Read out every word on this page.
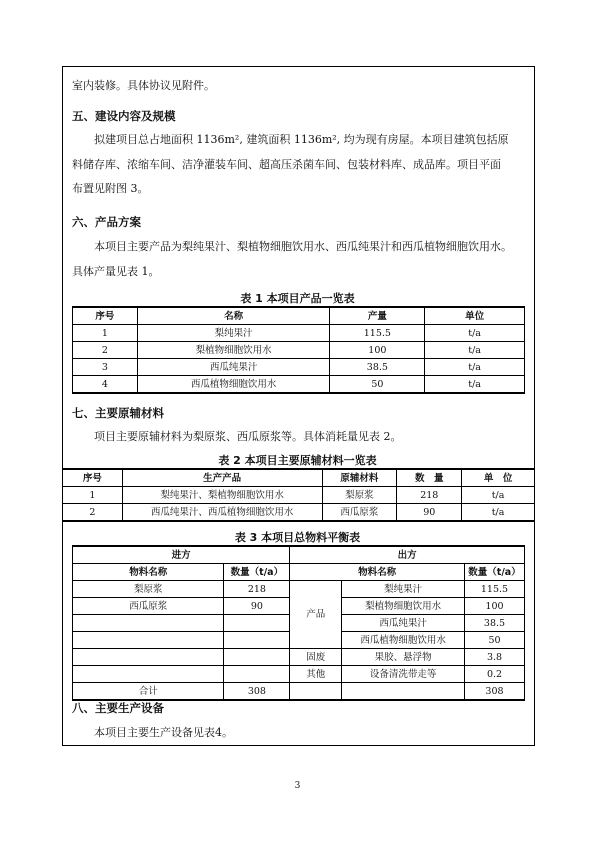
室内装修。具体协议见附件。
五、建设内容及规模
拟建项目总占地面积 1136m², 建筑面积 1136m², 均为现有房屋。本项目建筑包括原
料储存库、浓缩车间、洁净灌装车间、超高压杀菌车间、包装材料库、成品库。项目平面
布置见附图 3。
六、产品方案
本项目主要产品为梨纯果汁、梨植物细胞饮用水、西瓜纯果汁和西瓜植物细胞饮用水。
具体产量见表 1。
表 1 本项目产品一览表
序号	名称	产量	单位
1	梨纯果汁	115.5	t/a
2	梨植物细胞饮用水	100	t/a
3	西瓜纯果汁	38.5	t/a
4	西瓜植物细胞饮用水	50	t/a
七、主要原辅材料
项目主要原辅材料为梨原浆、西瓜原浆等。具体消耗量见表 2。
表 2 本项目主要原辅材料一览表
序号	生产产品	原辅材料	数　量	单　位
1	梨纯果汁、梨植物细胞饮用水	梨原浆	218	t/a
2	西瓜纯果汁、西瓜植物细胞饮用水	西瓜原浆	90	t/a
表 3 本项目总物料平衡表
进方		出方		
物料名称	数量（t/a）	物料名称		数量（t/a）
梨原浆	218	产品	梨纯果汁	115.5
西瓜原浆	90		梨植物细胞饮用水	100
			西瓜纯果汁	38.5
			西瓜植物细胞饮用水	50
		固废	果胶、悬浮物	3.8
		其他	设备清洗带走等	0.2
合计	308			308
八、主要生产设备
本项目主要生产设备见表4。
3
